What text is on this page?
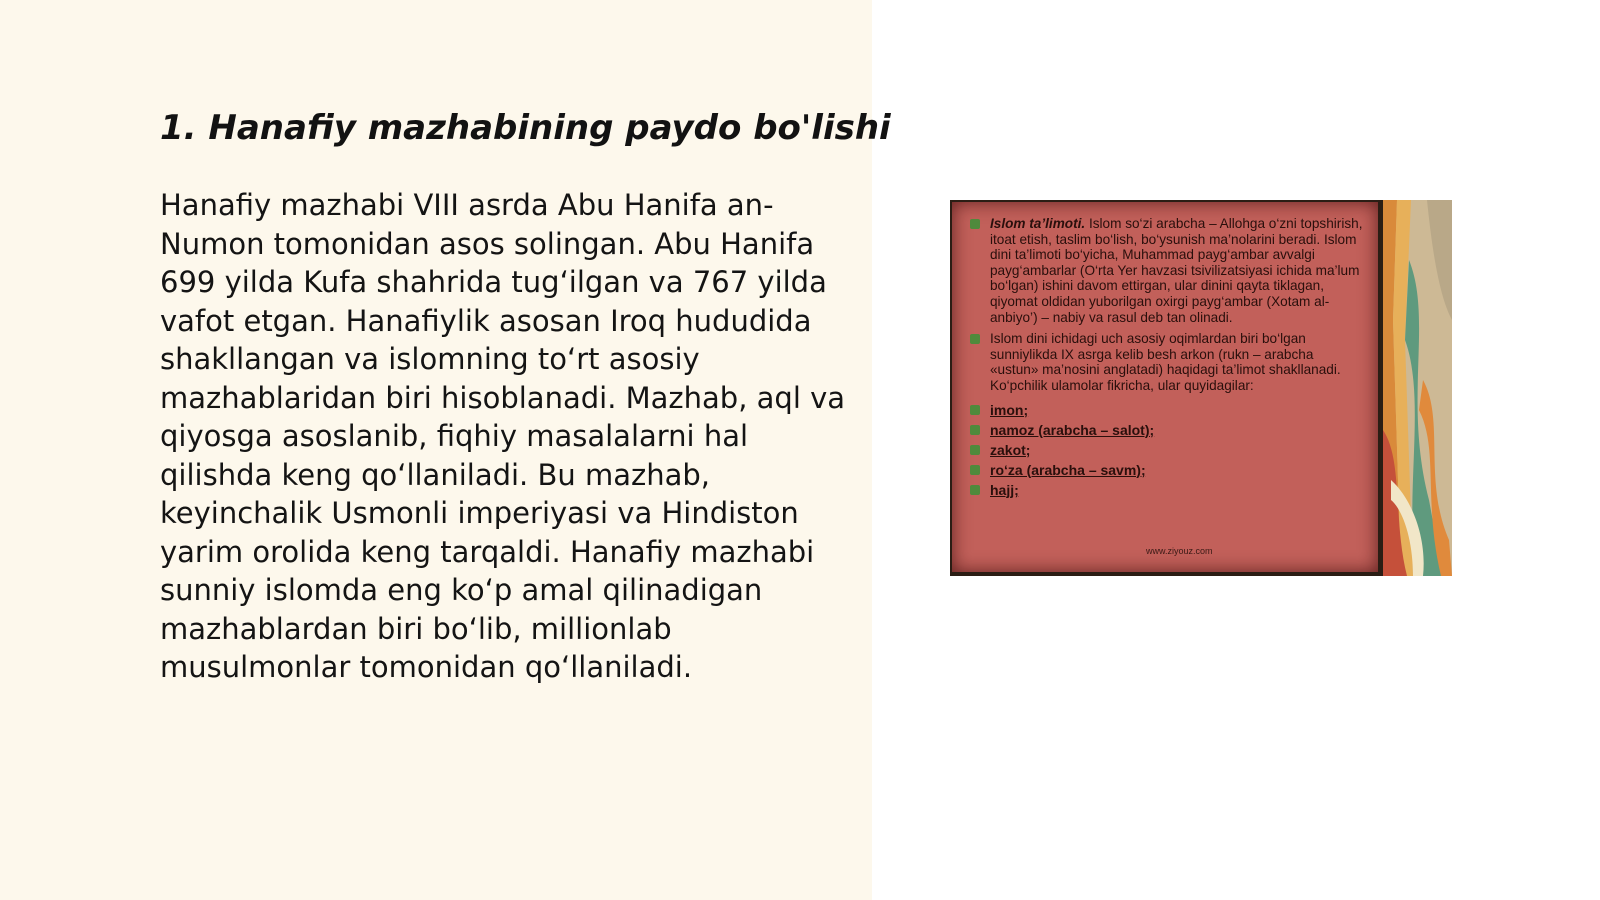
1. Hanafiy mazhabining paydo bo'lishi

Hanafiy mazhabi VIII asrda Abu Hanifa an-Numon tomonidan asos solingan. Abu Hanifa 699 yilda Kufa shahrida tug‘ilgan va 767 yilda vafot etgan. Hanafiylik asosan Iroq hududida shakllangan va islomning to‘rt asosiy mazhablaridan biri hisoblanadi. Mazhab, aql va qiyosga asoslanib, fiqhiy masalalarni hal qilishda keng qo‘llaniladi. Bu mazhab, keyinchalik Usmonli imperiyasi va Hindiston yarim orolida keng tarqaldi. Hanafiy mazhabi sunniy islomda eng ko‘p amal qilinadigan mazhablardan biri bo‘lib, millionlab musulmonlar tomonidan qo‘llaniladi.

Islom ta’limoti. Islom so‘zi arabcha – Allohga o‘zni topshirish, itoat etish, taslim bo‘lish, bo‘ysunish ma’nolarini beradi. Islom dini ta’limoti bo‘yicha, Muhammad payg‘ambar avvalgi payg‘ambarlar (O‘rta Yer havzasi tsivilizatsiyasi ichida ma’lum bo‘lgan) ishini davom ettirgan, ular dinini qayta tiklagan, qiyomat oldidan yuborilgan oxirgi payg‘ambar (Xotam al-anbiyo’) – nabiy va rasul deb tan olinadi.

Islom dini ichidagi uch asosiy oqimlardan biri bo‘lgan sunniylikda IX asrga kelib besh arkon (rukn – arabcha «ustun» ma’nosini anglatadi) haqidagi ta’limot shakllanadi. Ko‘pchilik ulamolar fikricha, ular quyidagilar:

imon;

namoz (arabcha – salot);

zakot;

ro‘za (arabcha – savm);

hajj;

www.ziyouz.com
